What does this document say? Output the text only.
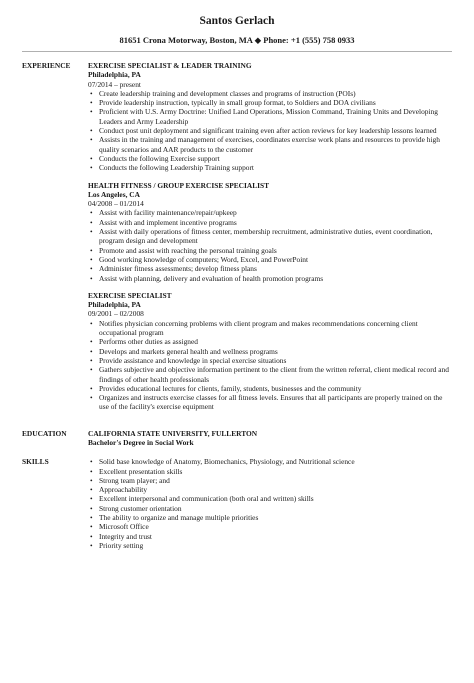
Santos Gerlach
81651 Crona Motorway, Boston, MA ◆ Phone: +1 (555) 758 0933
EXPERIENCE	EXERCISE SPECIALIST & LEADER TRAINING
Philadelphia, PA
07/2014 – present
• Create leadership training and development classes and programs of instruction (POIs)
• Provide leadership instruction, typically in small group format, to Soldiers and DOA civilians
• Proficient with U.S. Army Doctrine: Unified Land Operations, Mission Command, Training Units and Developing Leaders and Army Leadership
• Conduct post unit deployment and significant training even after action reviews for key leadership lessons learned
• Assists in the training and management of exercises, coordinates exercise work plans and resources to provide high quality scenarios and AAR products to the customer
• Conducts the following Exercise support
• Conducts the following Leadership Training support
HEALTH FITNESS / GROUP EXERCISE SPECIALIST
Los Angeles, CA
04/2008 – 01/2014
• Assist with facility maintenance/repair/upkeep
• Assist with and implement incentive programs
• Assist with daily operations of fitness center, membership recruitment, administrative duties, event coordination, program design and development
• Promote and assist with reaching the personal training goals
• Good working knowledge of computers; Word, Excel, and PowerPoint
• Administer fitness assessments; develop fitness plans
• Assist with planning, delivery and evaluation of health promotion programs
EXERCISE SPECIALIST
Philadelphia, PA
09/2001 – 02/2008
• Notifies physician concerning problems with client program and makes recommendations concerning client occupational program
• Performs other duties as assigned
• Develops and markets general health and wellness programs
• Provide assistance and knowledge in special exercise situations
• Gathers subjective and objective information pertinent to the client from the written referral, client medical record and findings of other health professionals
• Provides educational lectures for clients, family, students, businesses and the community
• Organizes and instructs exercise classes for all fitness levels. Ensures that all participants are properly trained on the use of the facility's exercise equipment
EDUCATION	CALIFORNIA STATE UNIVERSITY, FULLERTON
Bachelor's Degree in Social Work
SKILLS
•	Solid base knowledge of Anatomy, Biomechanics, Physiology, and Nutritional science
• Excellent presentation skills
• Strong team player; and
• Approachability
• Excellent interpersonal and communication (both oral and written) skills
• Strong customer orientation
• The ability to organize and manage multiple priorities
• Microsoft Office
• Integrity and trust
• Priority setting
